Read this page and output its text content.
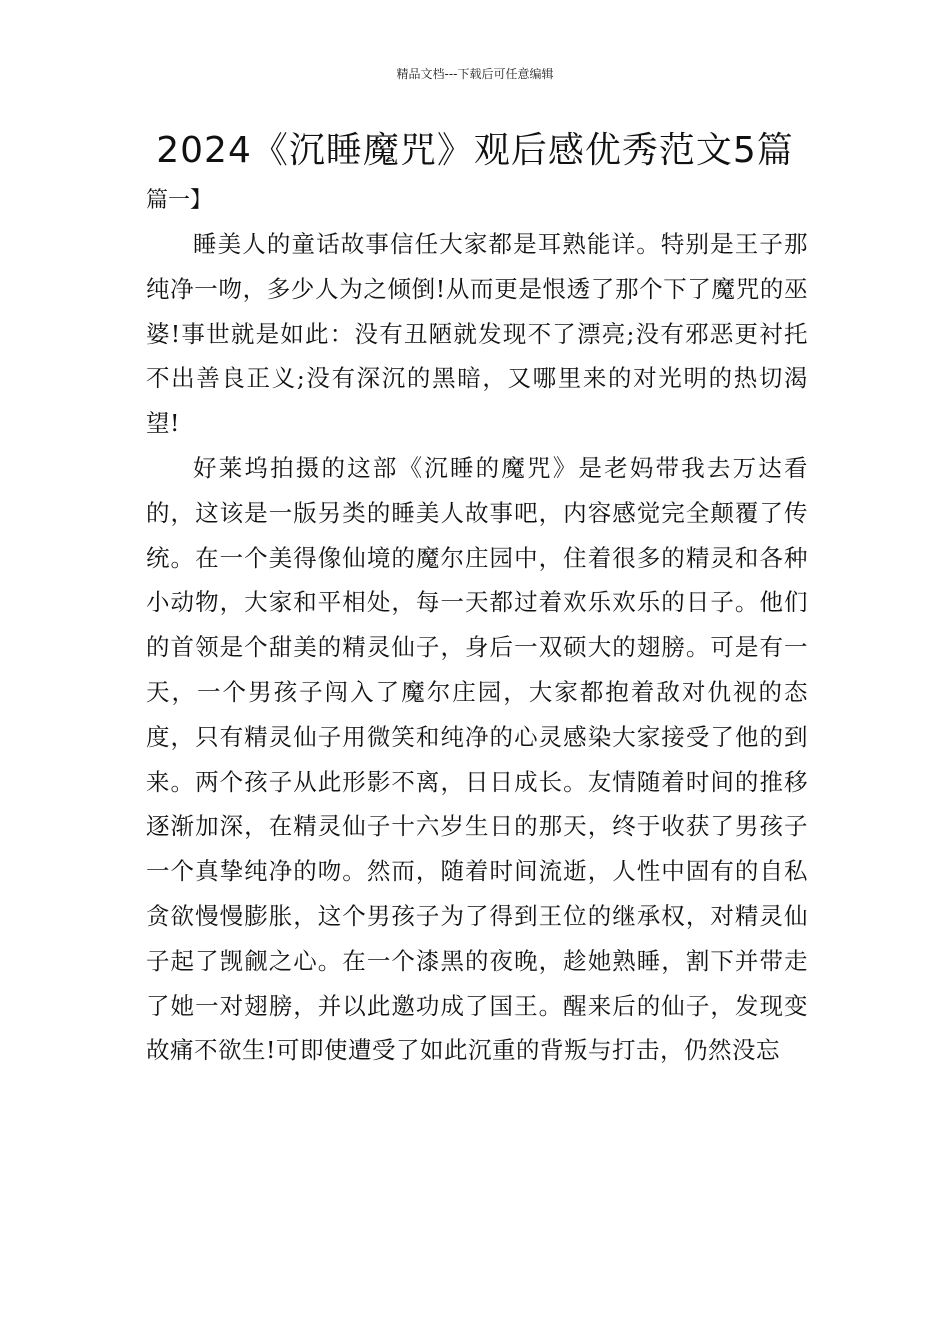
精品文档---下载后可任意编辑
2024《沉睡魔咒》观后感优秀范文5篇
篇一】

睡美人的童话故事信任大家都是耳熟能详。特别是王子那纯净一吻，多少人为之倾倒!从而更是恨透了那个下了魔咒的巫婆!事世就是如此：没有丑陋就发现不了漂亮;没有邪恶更衬托不出善良正义;没有深沉的黑暗，又哪里来的对光明的热切渴望!

好莱坞拍摄的这部《沉睡的魔咒》是老妈带我去万达看的，这该是一版另类的睡美人故事吧，内容感觉完全颠覆了传统。在一个美得像仙境的魔尔庄园中，住着很多的精灵和各种小动物，大家和平相处，每一天都过着欢乐欢乐的日子。他们的首领是个甜美的精灵仙子，身后一双硕大的翅膀。可是有一天，一个男孩子闯入了魔尔庄园，大家都抱着敌对仇视的态度，只有精灵仙子用微笑和纯净的心灵感染大家接受了他的到来。两个孩子从此形影不离，日日成长。友情随着时间的推移逐渐加深，在精灵仙子十六岁生日的那天，终于收获了男孩子一个真挚纯净的吻。然而，随着时间流逝，人性中固有的自私贪欲慢慢膨胀，这个男孩子为了得到王位的继承权，对精灵仙子起了觊觎之心。在一个漆黑的夜晚，趁她熟睡，割下并带走了她一对翅膀，并以此邀功成了国王。醒来后的仙子，发现变故痛不欲生!可即使遭受了如此沉重的背叛与打击，仍然没忘
